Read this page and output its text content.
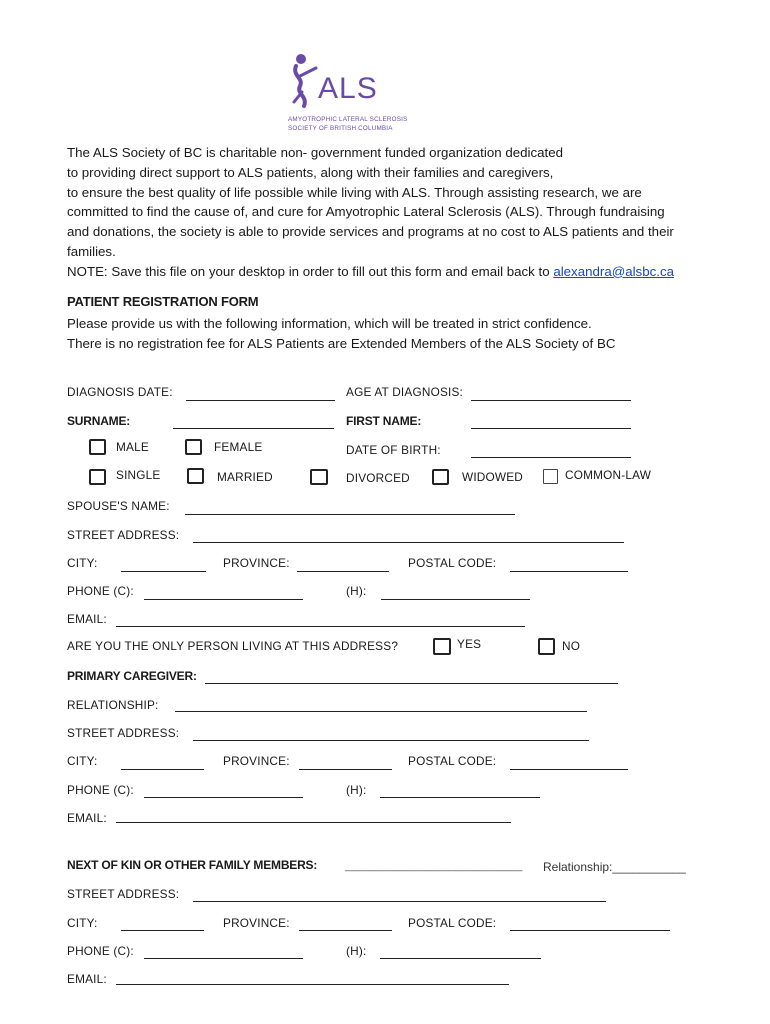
ALS
AMYOTROPHIC LATERAL SCLEROSIS
SOCIETY OF BRITISH COLUMBIA
The ALS Society of BC is charitable non- government funded organization dedicated
to providing direct support to ALS patients, along with their families and caregivers,
to ensure the best quality of life possible while living with ALS. Through assisting research, we are
committed to find the cause of, and cure for Amyotrophic Lateral Sclerosis (ALS). Through fundraising
and donations, the society is able to provide services and programs at no cost to ALS patients and their
families.
NOTE: Save this file on your desktop in order to fill out this form and email back to alexandra@alsbc.ca
PATIENT REGISTRATION FORM
Please provide us with the following information, which will be treated in strict confidence.
There is no registration fee for ALS Patients are Extended Members of the ALS Society of BC
DIAGNOSIS DATE:	AGE AT DIAGNOSIS:
SURNAME:	FIRST NAME:
MALE	FEMALE	DATE OF BIRTH:
SINGLE	MARRIED	DIVORCED	WIDOWED	COMMON-LAW
SPOUSE'S NAME:
STREET ADDRESS:
CITY:	PROVINCE:	POSTAL CODE:
PHONE (C):	(H):
EMAIL:
ARE YOU THE ONLY PERSON LIVING AT THIS ADDRESS?	YES	NO
PRIMARY CAREGIVER:
RELATIONSHIP:
STREET ADDRESS:
CITY:	PROVINCE:	POSTAL CODE:
PHONE (C):	(H):
EMAIL:
NEXT OF KIN OR OTHER FAMILY MEMBERS:	_____________________________ Relationship:___________
STREET ADDRESS:
CITY:	PROVINCE:	POSTAL CODE:
PHONE (C):	(H):
EMAIL:
